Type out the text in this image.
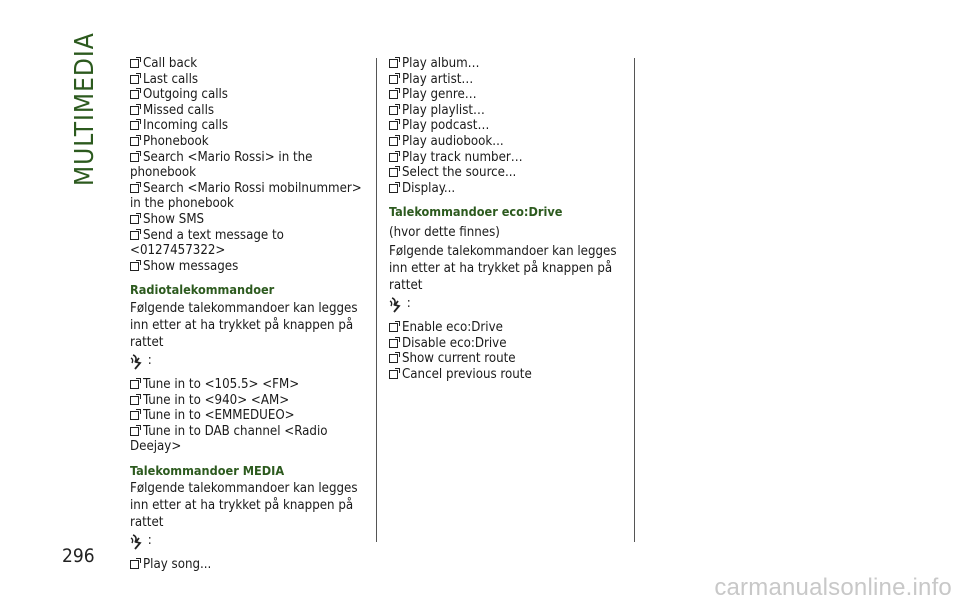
MULTIMEDIA
296
Call back
Last calls
Outgoing calls
Missed calls
Incoming calls
Phonebook
Search <Mario Rossi> in the phonebook
Search <Mario Rossi mobilnummer> in the phonebook
Show SMS
Send a text message to <0127457322>
Show messages
Radiotalekommandoer

Følgende talekommandoer kan legges inn etter at ha trykket på knappen på rattet

:
Tune in to <105.5> <FM>
Tune in to <940> <AM>
Tune in to <EMMEDUEO>
Tune in to DAB channel <Radio Deejay>
Talekommandoer MEDIA

Følgende talekommandoer kan legges inn etter at ha trykket på knappen på rattet

:
Play song...
Play album…
Play artist…
Play genre…
Play playlist…
Play podcast…
Play audiobook...
Play track number…
Select the source...
Display...
Talekommandoer eco:Drive

(hvor dette finnes)

Følgende talekommandoer kan legges inn etter at ha trykket på knappen på rattet

:
Enable eco:Drive
Disable eco:Drive
Show current route
Cancel previous route
carmanualsonline.info
